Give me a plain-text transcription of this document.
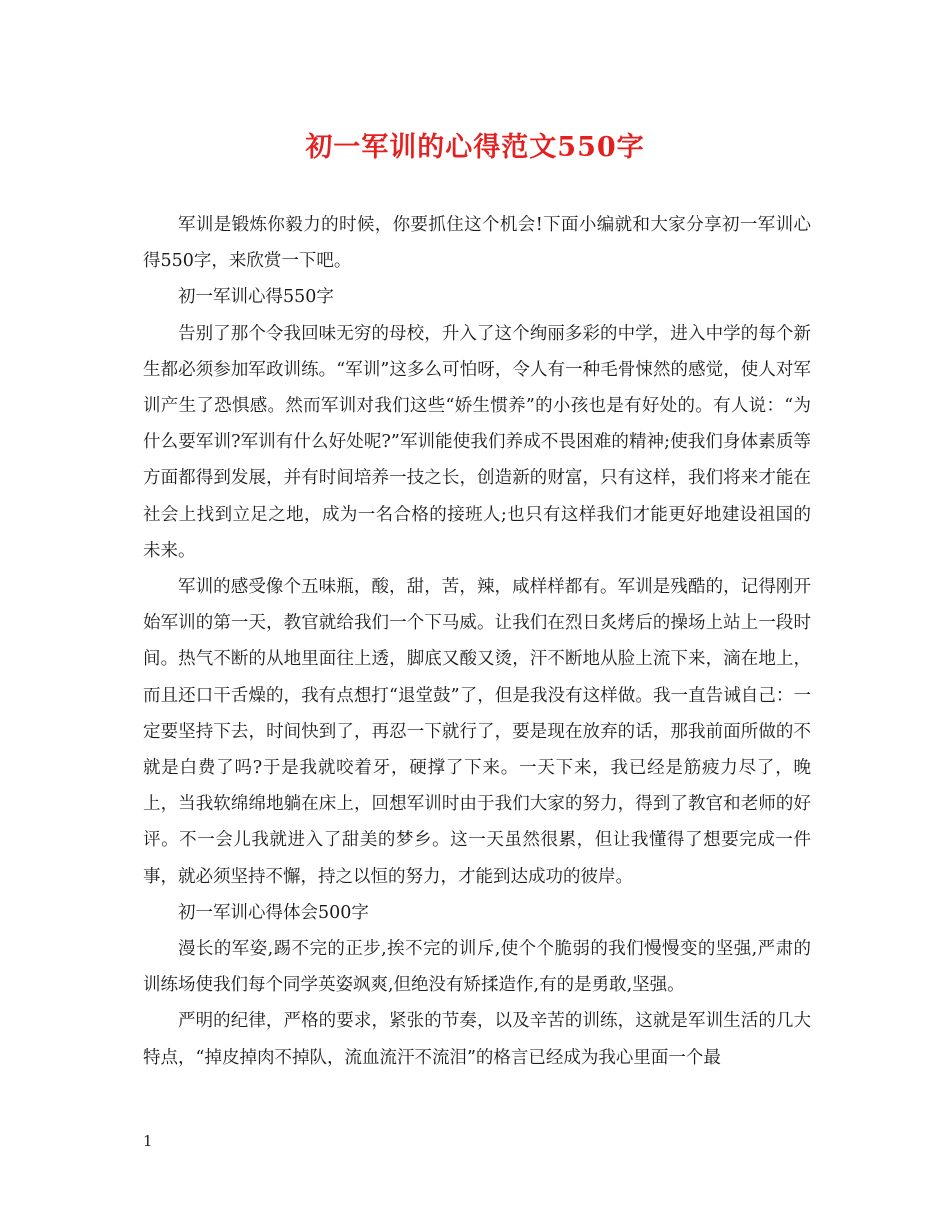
初一军训的心得范文550字

军训是锻炼你毅力的时候，你要抓住这个机会!下面小编就和大家分享初一军训心得550字，来欣赏一下吧。

初一军训心得550字

告别了那个令我回味无穷的母校，升入了这个绚丽多彩的中学，进入中学的每个新生都必须参加军政训练。“军训”这多么可怕呀，令人有一种毛骨悚然的感觉，使人对军训产生了恐惧感。然而军训对我们这些“娇生惯养”的小孩也是有好处的。有人说：“为什么要军训?军训有什么好处呢?”军训能使我们养成不畏困难的精神;使我们身体素质等方面都得到发展，并有时间培养一技之长，创造新的财富，只有这样，我们将来才能在社会上找到立足之地，成为一名合格的接班人;也只有这样我们才能更好地建设祖国的未来。

军训的感受像个五味瓶，酸，甜，苦，辣，咸样样都有。军训是残酷的，记得刚开始军训的第一天，教官就给我们一个下马威。让我们在烈日炙烤后的操场上站上一段时间。热气不断的从地里面往上透，脚底又酸又烫，汗不断地从脸上流下来，滴在地上，而且还口干舌燥的，我有点想打“退堂鼓”了，但是我没有这样做。我一直告诫自己：一定要坚持下去，时间快到了，再忍一下就行了，要是现在放弃的话，那我前面所做的不就是白费了吗?于是我就咬着牙，硬撑了下来。一天下来，我已经是筋疲力尽了，晚上，当我软绵绵地躺在床上，回想军训时由于我们大家的努力，得到了教官和老师的好评。不一会儿我就进入了甜美的梦乡。这一天虽然很累，但让我懂得了想要完成一件事，就必须坚持不懈，持之以恒的努力，才能到达成功的彼岸。

初一军训心得体会500字

漫长的军姿,踢不完的正步,挨不完的训斥,使个个脆弱的我们慢慢变的坚强,严肃的训练场使我们每个同学英姿飒爽,但绝没有矫揉造作,有的是勇敢,坚强。

严明的纪律，严格的要求，紧张的节奏，以及辛苦的训练，这就是军训生活的几大特点，“掉皮掉肉不掉队，流血流汗不流泪”的格言已经成为我心里面一个最

1
